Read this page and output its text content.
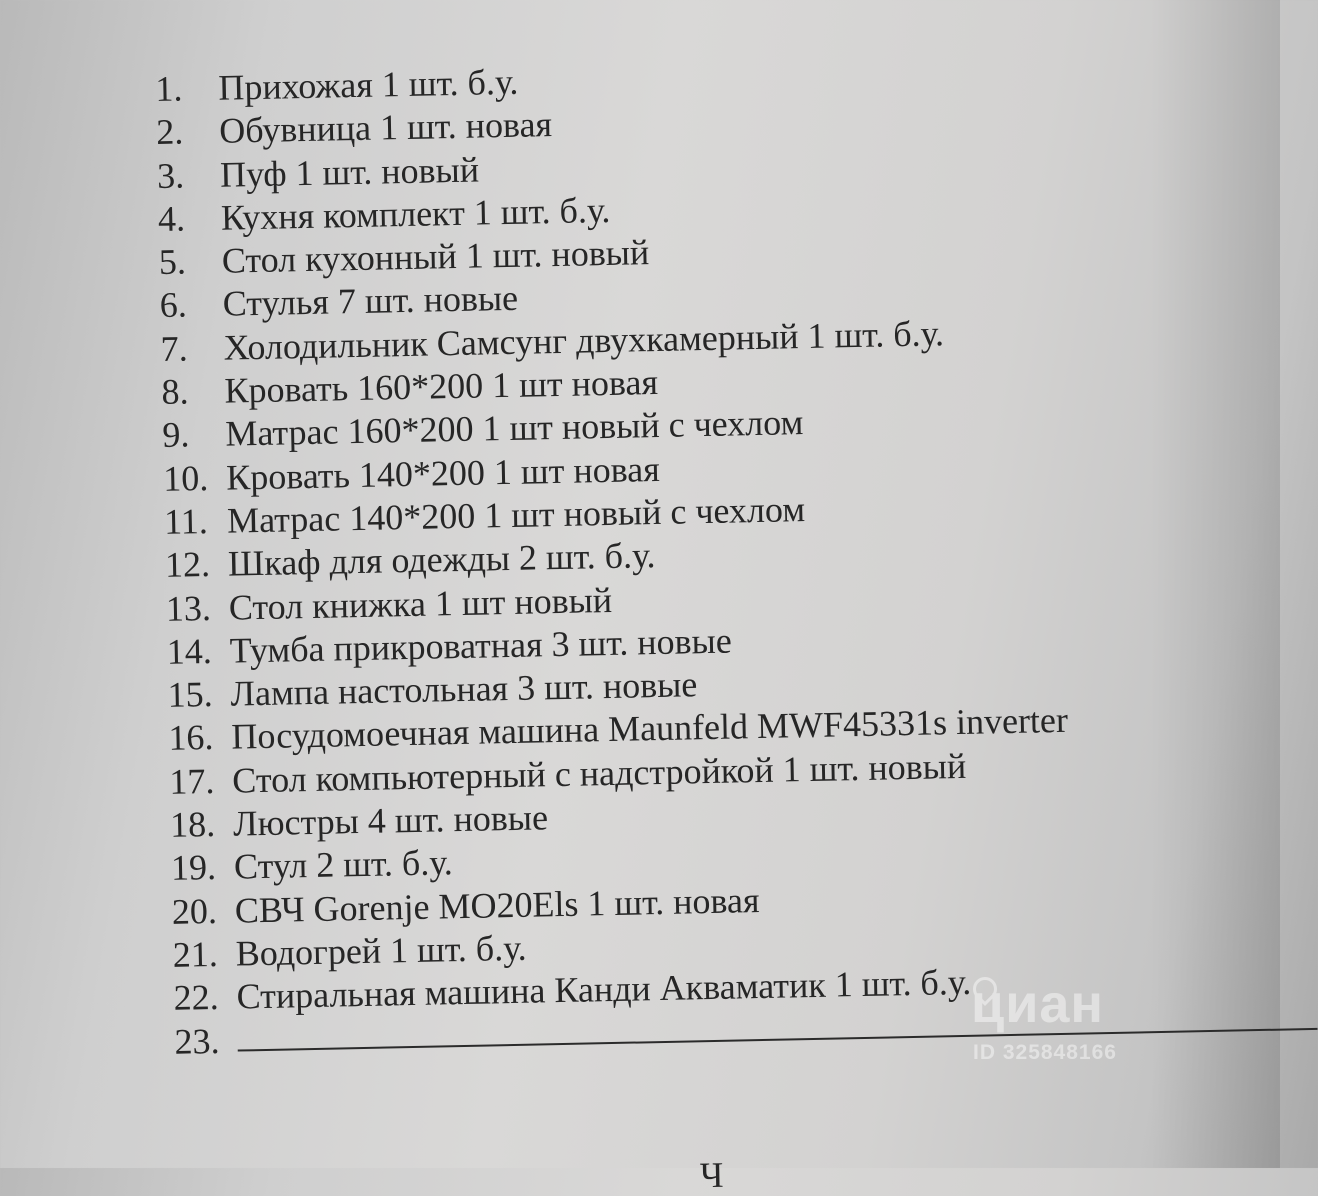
1. Прихожая 1 шт. б.у.
2. Обувница 1 шт. новая
3. Пуф 1 шт. новый
4. Кухня комплект 1 шт. б.у.
5. Стол кухонный 1 шт. новый
6. Стулья 7 шт. новые
7. Холодильник Самсунг двухкамерный 1 шт. б.у.
8. Кровать 160*200 1 шт новая
9. Матрас 160*200 1 шт новый с чехлом
10. Кровать 140*200 1 шт новая
11. Матрас 140*200 1 шт новый с чехлом
12. Шкаф для одежды 2 шт. б.у.
13. Стол книжка 1 шт новый
14. Тумба прикроватная 3 шт. новые
15. Лампа настольная 3 шт. новые
16. Посудомоечная машина Maunfeld MWF45331s inverter
17. Стол компьютерный с надстройкой 1 шт. новый
18. Люстры 4 шт. новые
19. Стул 2 шт. б.у.
20. СВЧ Gorenje MO20Els 1 шт. новая
21. Водогрей 1 шт. б.у.
22. Стиральная машина Канди Акваматик 1 шт. б.у.
23.
циан
ID 325848166
Ч
